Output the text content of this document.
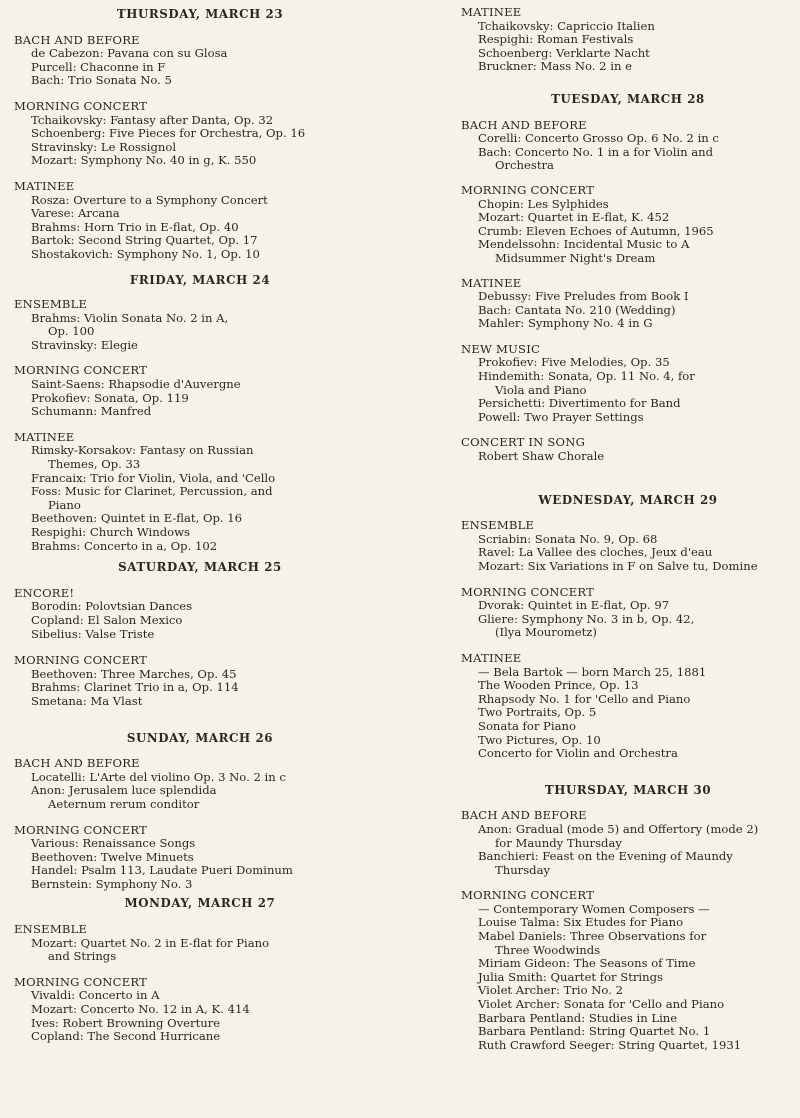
THURSDAY, MARCH 23
BACH AND BEFORE
de Cabezon: Pavana con su Glosa
Purcell: Chaconne in F
Bach: Trio Sonata No. 5
MORNING CONCERT
Tchaikovsky: Fantasy after Danta, Op. 32
Schoenberg: Five Pieces for Orchestra, Op. 16
Stravinsky: Le Rossignol
Mozart: Symphony No. 40 in g, K. 550
MATINEE
Rosza: Overture to a Symphony Concert
Varese: Arcana
Brahms: Horn Trio in E-flat, Op. 40
Bartok: Second String Quartet, Op. 17
Shostakovich: Symphony No. 1, Op. 10
FRIDAY, MARCH 24
ENSEMBLE
Brahms: Violin Sonata No. 2 in A,
Op. 100
Stravinsky: Elegie
MORNING CONCERT
Saint-Saens: Rhapsodie d'Auvergne
Prokofiev: Sonata, Op. 119
Schumann: Manfred
MATINEE
Rimsky-Korsakov: Fantasy on Russian
Themes, Op. 33
Francaix: Trio for Violin, Viola, and 'Cello
Foss: Music for Clarinet, Percussion, and
Piano
Beethoven: Quintet in E-flat, Op. 16
Respighi: Church Windows
Brahms: Concerto in a, Op. 102
SATURDAY, MARCH 25
ENCORE!
Borodin: Polovtsian Dances
Copland: El Salon Mexico
Sibelius: Valse Triste
MORNING CONCERT
Beethoven: Three Marches, Op. 45
Brahms: Clarinet Trio in a, Op. 114
Smetana: Ma Vlast
SUNDAY, MARCH 26
BACH AND BEFORE
Locatelli: L'Arte del violino Op. 3 No. 2 in c
Anon: Jerusalem luce splendida
Aeternum rerum conditor
MORNING CONCERT
Various: Renaissance Songs
Beethoven: Twelve Minuets
Handel: Psalm 113, Laudate Pueri Dominum
Bernstein: Symphony No. 3
MONDAY, MARCH 27
ENSEMBLE
Mozart: Quartet No. 2 in E-flat for Piano
and Strings
MORNING CONCERT
Vivaldi: Concerto in A
Mozart: Concerto No. 12 in A, K. 414
Ives: Robert Browning Overture
Copland: The Second Hurricane
MATINEE
Tchaikovsky: Capriccio Italien
Respighi: Roman Festivals
Schoenberg: Verklarte Nacht
Bruckner: Mass No. 2 in e
TUESDAY, MARCH 28
BACH AND BEFORE
Corelli: Concerto Grosso Op. 6 No. 2 in c
Bach: Concerto No. 1 in a for Violin and
Orchestra
MORNING CONCERT
Chopin: Les Sylphides
Mozart: Quartet in E-flat, K. 452
Crumb: Eleven Echoes of Autumn, 1965
Mendelssohn: Incidental Music to A
Midsummer Night's Dream
MATINEE
Debussy: Five Preludes from Book I
Bach: Cantata No. 210 (Wedding)
Mahler: Symphony No. 4 in G
NEW MUSIC
Prokofiev: Five Melodies, Op. 35
Hindemith: Sonata, Op. 11 No. 4, for
Viola and Piano
Persichetti: Divertimento for Band
Powell: Two Prayer Settings
CONCERT IN SONG
Robert Shaw Chorale
WEDNESDAY, MARCH 29
ENSEMBLE
Scriabin: Sonata No. 9, Op. 68
Ravel: La Vallee des cloches, Jeux d'eau
Mozart: Six Variations in F on Salve tu, Domine
MORNING CONCERT
Dvorak: Quintet in E-flat, Op. 97
Gliere: Symphony No. 3 in b, Op. 42,
(Ilya Mourometz)
MATINEE
— Bela Bartok — born March 25, 1881
The Wooden Prince, Op. 13
Rhapsody No. 1 for 'Cello and Piano
Two Portraits, Op. 5
Sonata for Piano
Two Pictures, Op. 10
Concerto for Violin and Orchestra
THURSDAY, MARCH 30
BACH AND BEFORE
Anon: Gradual (mode 5) and Offertory (mode 2)
for Maundy Thursday
Banchieri: Feast on the Evening of Maundy
Thursday
MORNING CONCERT
— Contemporary Women Composers —
Louise Talma: Six Etudes for Piano
Mabel Daniels: Three Observations for
Three Woodwinds
Miriam Gideon: The Seasons of Time
Julia Smith: Quartet for Strings
Violet Archer: Trio No. 2
Violet Archer: Sonata for 'Cello and Piano
Barbara Pentland: Studies in Line
Barbara Pentland: String Quartet No. 1
Ruth Crawford Seeger: String Quartet, 1931
